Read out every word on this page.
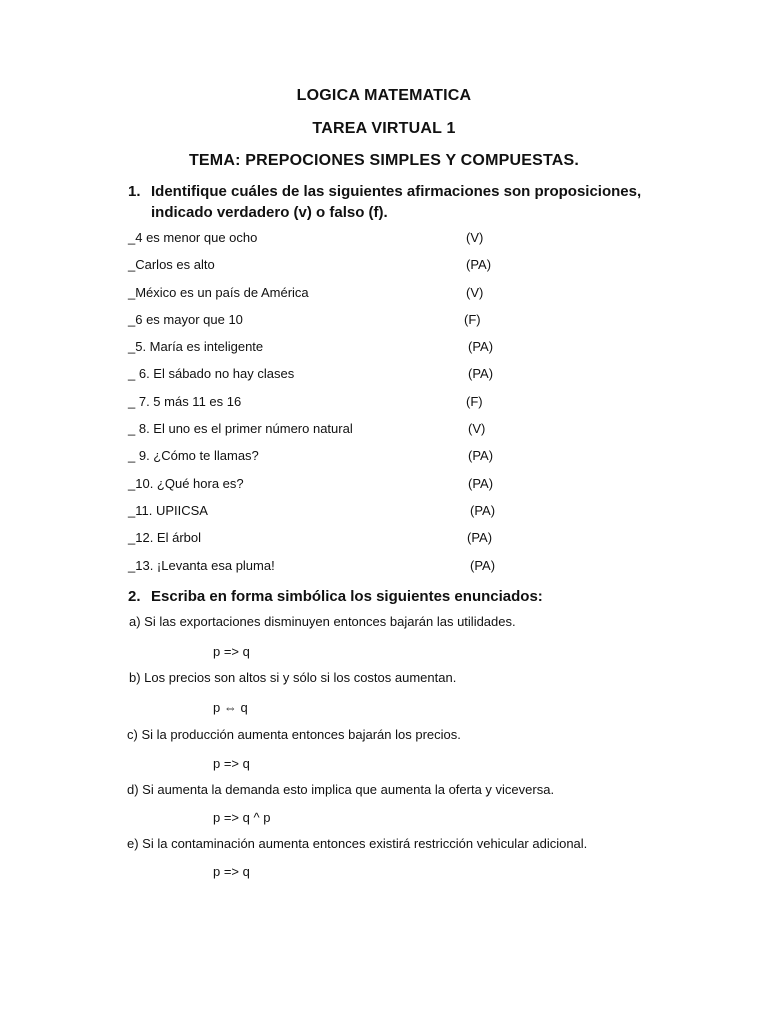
LOGICA MATEMATICA
TAREA VIRTUAL 1
TEMA: PREPOCIONES SIMPLES Y COMPUESTAS.
1. Identifique cuáles de las siguientes afirmaciones son proposiciones, indicado verdadero (v) o falso (f).
_4 es menor que ocho	(V)
_Carlos es alto	(PA)
_México es un país de América	(V)
_6 es mayor que 10	(F)
_5. María es inteligente	(PA)
_ 6. El sábado no hay clases	(PA)
_ 7. 5 más 11 es 16	(F)
_ 8. El uno es el primer número natural	(V)
_ 9. ¿Cómo te llamas?	(PA)
_10. ¿Qué hora es?	(PA)
_11. UPIICSA	(PA)
_12. El árbol	(PA)
_13. ¡Levanta esa pluma!	(PA)
2. Escriba en forma simbólica los siguientes enunciados:
a) Si las exportaciones disminuyen entonces bajarán las utilidades.
p => q
b) Los precios son altos si y sólo si los costos aumentan.
p ⇔ q
c) Si la producción aumenta entonces bajarán los precios.
p => q
d) Si aumenta la demanda esto implica que aumenta la oferta y viceversa.
p => q ^ p
e) Si la contaminación aumenta entonces existirá restricción vehicular adicional.
p => q
